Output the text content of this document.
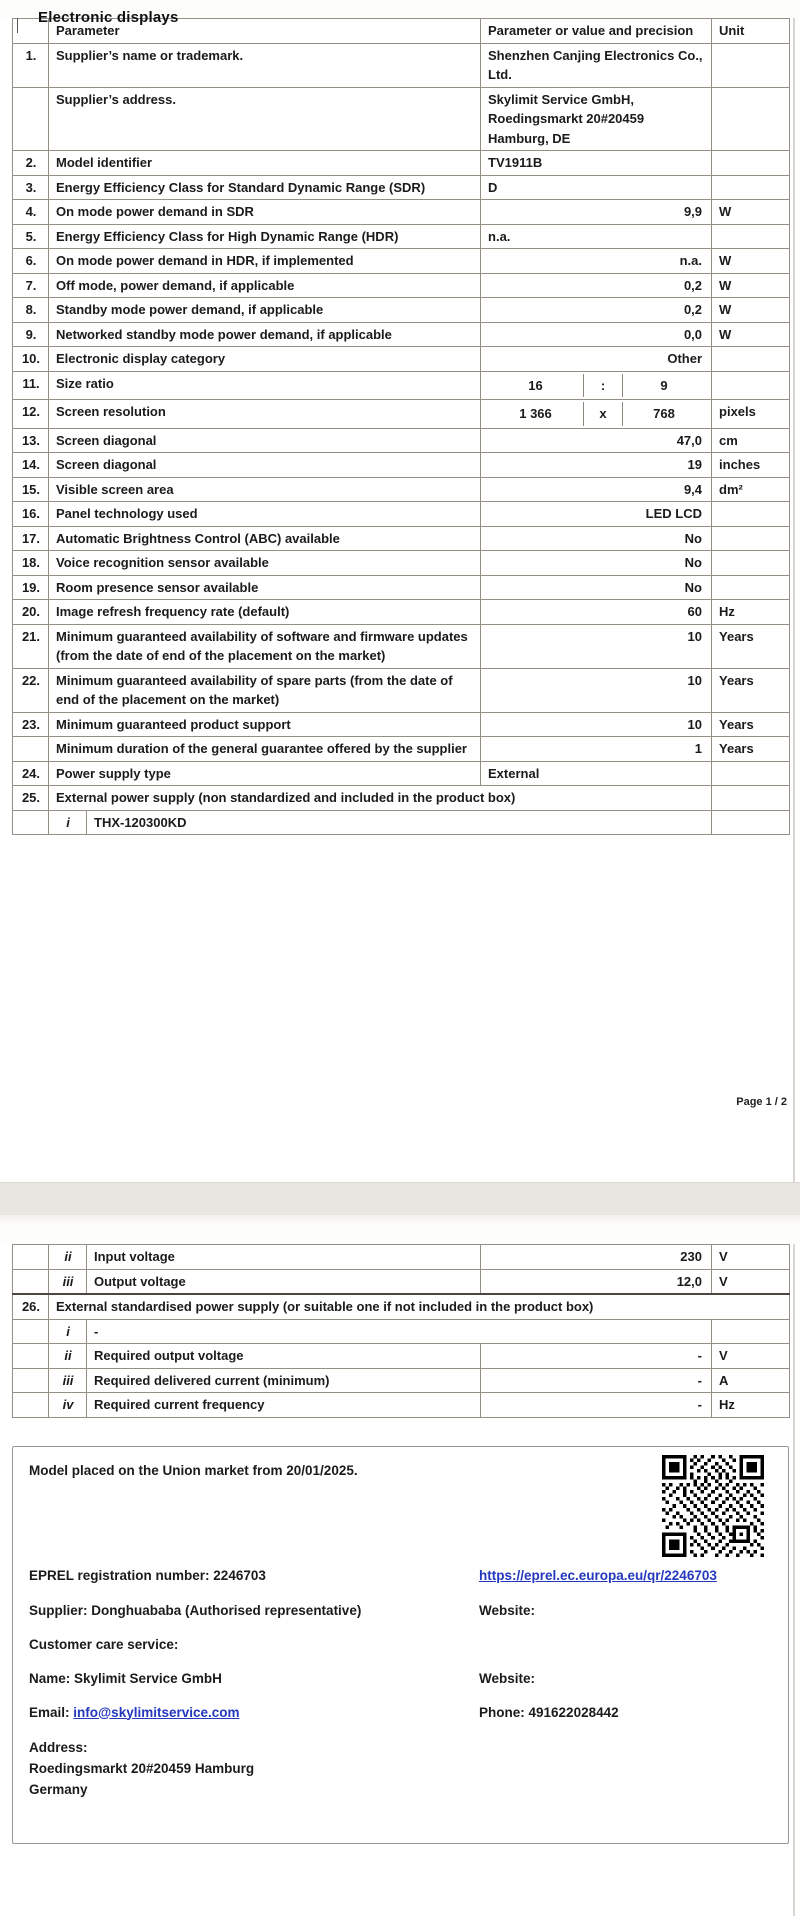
Electronic displays
	Parameter		Parameter or value and precision	Unit
1.	Supplier’s name or trademark.		Shenzhen Canjing Electronics Co., Ltd.	
	Supplier’s address.		Skylimit Service GmbH, Roedingsmarkt 20#20459 Hamburg, DE	
2.	Model identifier		TV1911B	
3.	Energy Efficiency Class for Standard Dynamic Range (SDR)		D	
4.	On mode power demand in SDR		9,9	W
5.	Energy Efficiency Class for High Dynamic Range (HDR)		n.a.	
6.	On mode power demand in HDR, if implemented		n.a.	W
7.	Off mode, power demand, if applicable		0,2	W
8.	Standby mode power demand, if applicable		0,2	W
9.	Networked standby mode power demand, if applicable		0,0	W
10.	Electronic display category		Other	
11.	Size ratio		16 : 9	

12.	Screen resolution		1 366 x 768	pixels
13.	Screen diagonal		47,0	cm
14.	Screen diagonal		19	inches
15.	Visible screen area		9,4	dm²
16.	Panel technology used		LED LCD	
17.	Automatic Brightness Control (ABC) available		No	
18.	Voice recognition sensor available		No	
19.	Room presence sensor available		No	
20.	Image refresh frequency rate (default)		60	Hz
21.	Minimum guaranteed availability of software and firmware updates (from the date of end of the placement on the market)		10	Years
22.	Minimum guaranteed availability of spare parts (from the date of end of the placement on the market)		10	Years
23.	Minimum guaranteed product support		10	Years
	Minimum duration of the general guarantee offered by the supplier		1	Years
24.	Power supply type		External	
25.	External power supply (non standardized and included in the product box)			
	i	THX-120300KD		
Page 1 / 2
	ii	Input voltage	230	V
	iii	Output voltage	12,0	V
26.	External standardised power supply (or suitable one if not included in the product box)			
	i	-		
	ii	Required output voltage	-	V
	iii	Required delivered current (minimum)	-	A
	iv	Required current frequency	-	Hz
Model placed on the Union market from 20/01/2025.
EPREL registration number: 2246703	https://eprel.ec.europa.eu/qr/2246703
Supplier: Donghuababa (Authorised representative)	Website:
Customer care service:
Name: Skylimit Service GmbH	Website:
Email: info@skylimitservice.com	Phone: 491622028442
Address:
Roedingsmarkt 20#20459 Hamburg
Germany
